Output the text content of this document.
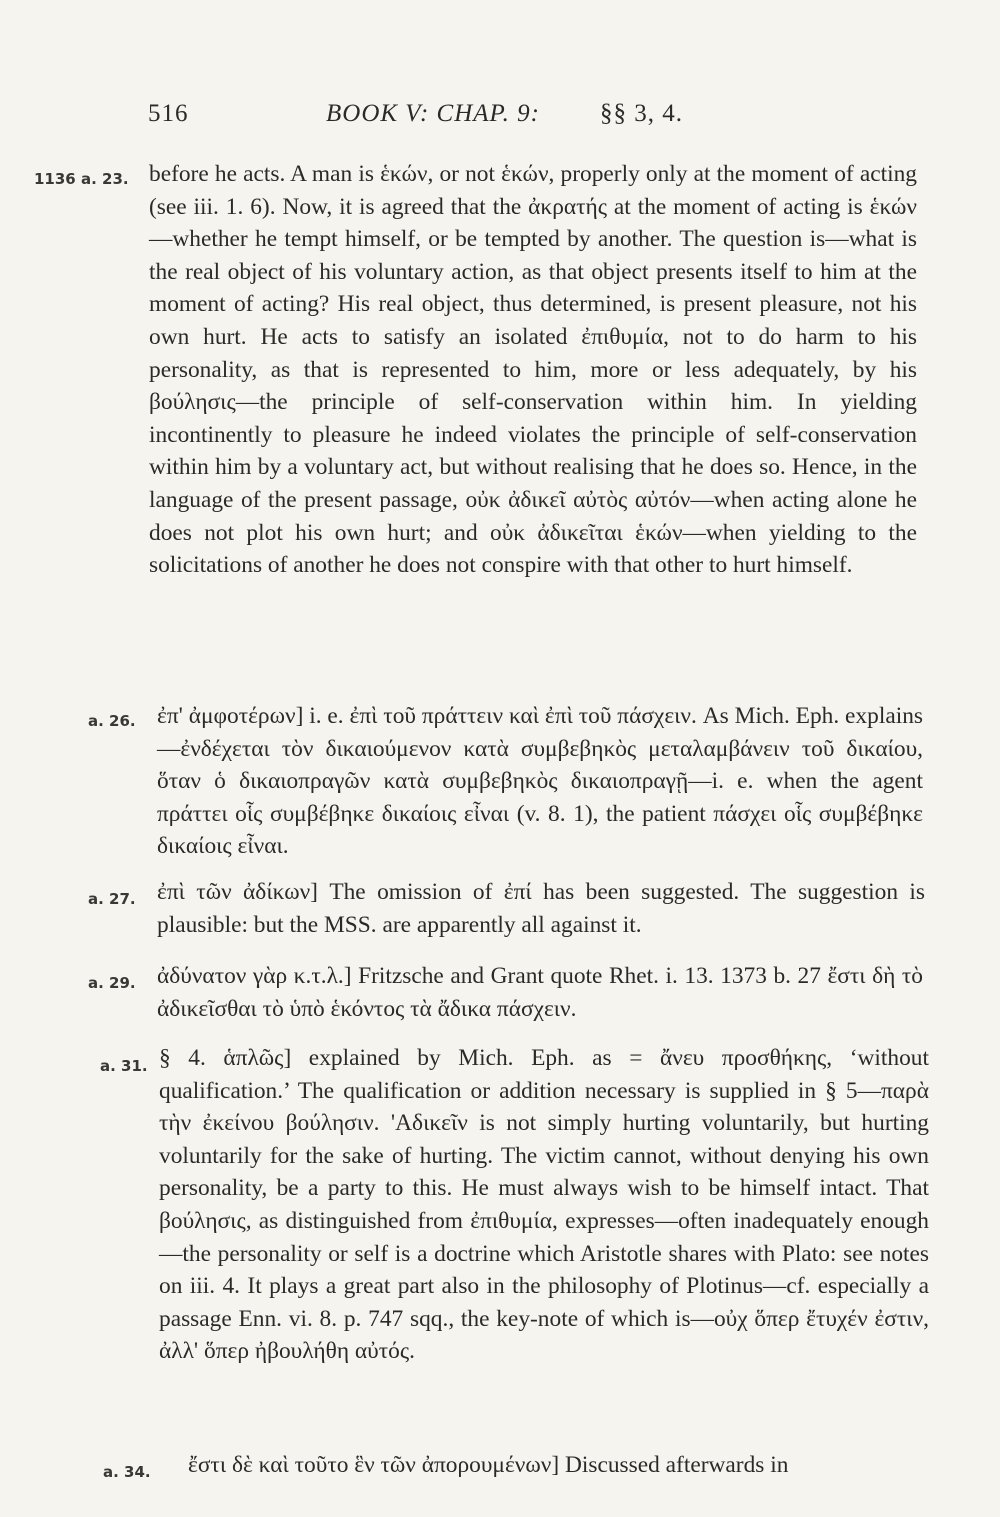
516	BOOK V: CHAP. 9: §§ 3, 4.
1136 a. 23. before he acts. A man is ἑκών, or not ἑκών, properly only at the moment of acting (see iii. 1. 6). Now, it is agreed that the ἀκρατής at the moment of acting is ἑκών—whether he tempt himself, or be tempted by another. The question is—what is the real object of his voluntary action, as that object presents itself to him at the moment of acting? His real object, thus determined, is present pleasure, not his own hurt. He acts to satisfy an isolated ἐπιθυμία, not to do harm to his personality, as that is represented to him, more or less adequately, by his βούλησις—the principle of self-conservation within him. In yielding incontinently to pleasure he indeed violates the principle of self-conservation within him by a voluntary act, but without realising that he does so. Hence, in the language of the present passage, οὐκ ἀδικεῖ αὐτὸς αὐτόν—when acting alone he does not plot his own hurt; and οὐκ ἀδικεῖται ἑκών—when yielding to the solicitations of another he does not conspire with that other to hurt himself.

a. 26. ἐπ' ἀμφοτέρων] i. e. ἐπὶ τοῦ πράττειν καὶ ἐπὶ τοῦ πάσχειν. As Mich. Eph. explains—ἐνδέχεται τὸν δικαιούμενον κατὰ συμβεβηκὸς μεταλαμβάνειν τοῦ δικαίου, ὅταν ὁ δικαιοπραγῶν κατὰ συμβεβηκὸς δικαιοπραγῇ—i. e. when the agent πράττει οἷς συμβέβηκε δικαίοις εἶναι (v. 8. 1), the patient πάσχει οἷς συμβέβηκε δικαίοις εἶναι.

a. 27. ἐπὶ τῶν ἀδίκων] The omission of ἐπί has been suggested. The suggestion is plausible: but the MSS. are apparently all against it.

a. 29. ἀδύνατον γὰρ κ.τ.λ.] Fritzsche and Grant quote Rhet. i. 13. 1373 b. 27 ἔστι δὴ τὸ ἀδικεῖσθαι τὸ ὑπὸ ἑκόντος τὰ ἄδικα πάσχειν.

a. 31. § 4. ἁπλῶς] explained by Mich. Eph. as = ἄνευ προσθήκης, ‘without qualification.’ The qualification or addition necessary is supplied in § 5—παρὰ τὴν ἐκείνου βούλησιν. 'Αδικεῖν is not simply hurting voluntarily, but hurting voluntarily for the sake of hurting. The victim cannot, without denying his own personality, be a party to this. He must always wish to be himself intact. That βούλησις, as distinguished from ἐπιθυμία, expresses—often inadequately enough—the personality or self is a doctrine which Aristotle shares with Plato: see notes on iii. 4. It plays a great part also in the philosophy of Plotinus—cf. especially a passage Enn. vi. 8. p. 747 sqq., the key-note of which is—οὐχ ὅπερ ἔτυχέν ἐστιν, ἀλλ' ὅπερ ἠβουλήθη αὐτός.

a. 34. ἔστι δὲ καὶ τοῦτο ἓν τῶν ἀπορουμένων] Discussed afterwards in
